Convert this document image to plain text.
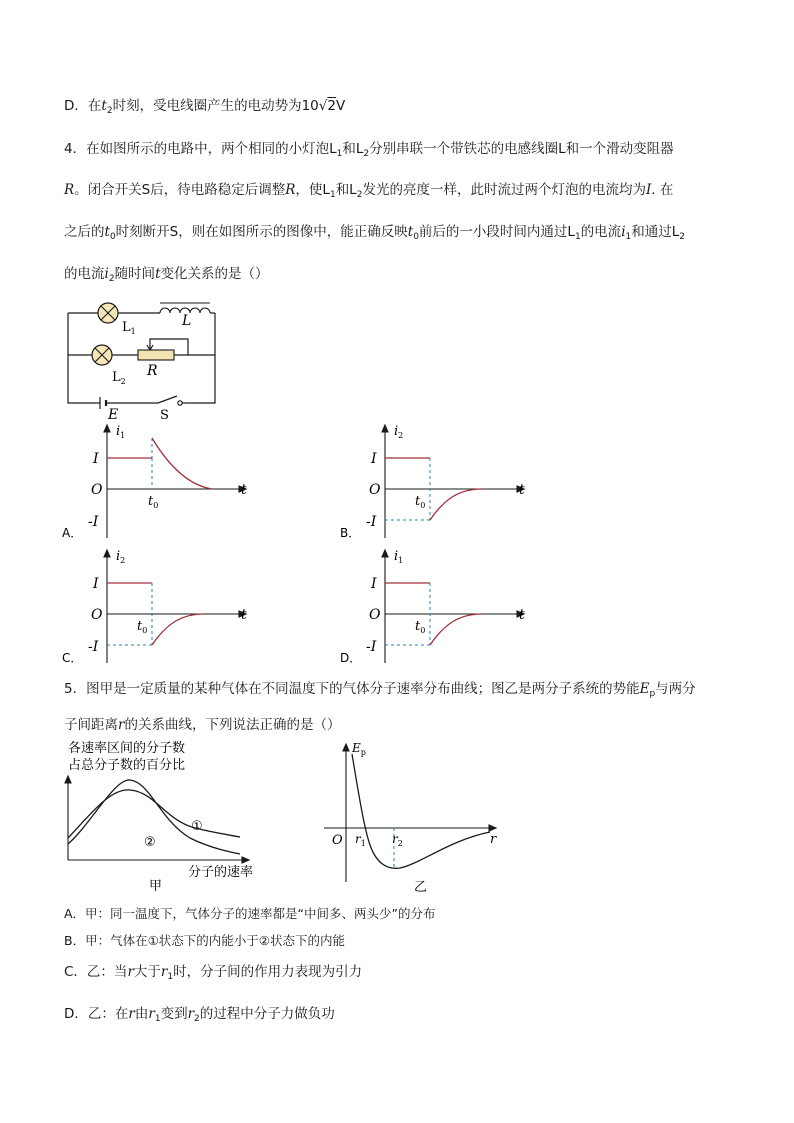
D．在$t_2$时刻，受电线圈产生的电动势为10√2V
4．在如图所示的电路中，两个相同的小灯泡$L_1$和$L_2$分别串联一个带铁芯的电感线圈L和一个滑动变阻器
R。闭合开关S后，待电路稳定后调整R，使$L_1$和$L_2$发光的亮度一样，此时流过两个灯泡的电流均为I. 在
之后的$t_0$时刻断开S，则在如图所示的图像中，能正确反映$t_0$前后的一小段时间内通过$L_1$的电流$i_1$和通过$L_2$
的电流$i_2$随时间t变化关系的是（）
$L_1$
L
$L_2$
R
E	S
$i_1$
I
O
-I
t
$t_0$
A．
$i_2$
I
O
-I
t
$t_0$
B．
$i_2$
I
O
-I
t
$t_0$
C．
$i_1$
I
O
-I
t
$t_0$
D．
5．图甲是一定质量的某种气体在不同温度下的气体分子速率分布曲线；图乙是两分子系统的势能$E_p$与两分
子间距离r的关系曲线，下列说法正确的是（）
各速率区间的分子数
占总分子数的百分比
①
②
分子的速率
甲
$E_p$
O $r_1$ $r_2$	r
乙
A．甲：同一温度下，气体分子的速率都是“中间多、两头少”的分布
B．甲：气体在①状态下的内能小于②状态下的内能
C．乙：当r大于$r_1$时，分子间的作用力表现为引力
D．乙：在r由$r_1$变到$r_2$的过程中分子力做负功
